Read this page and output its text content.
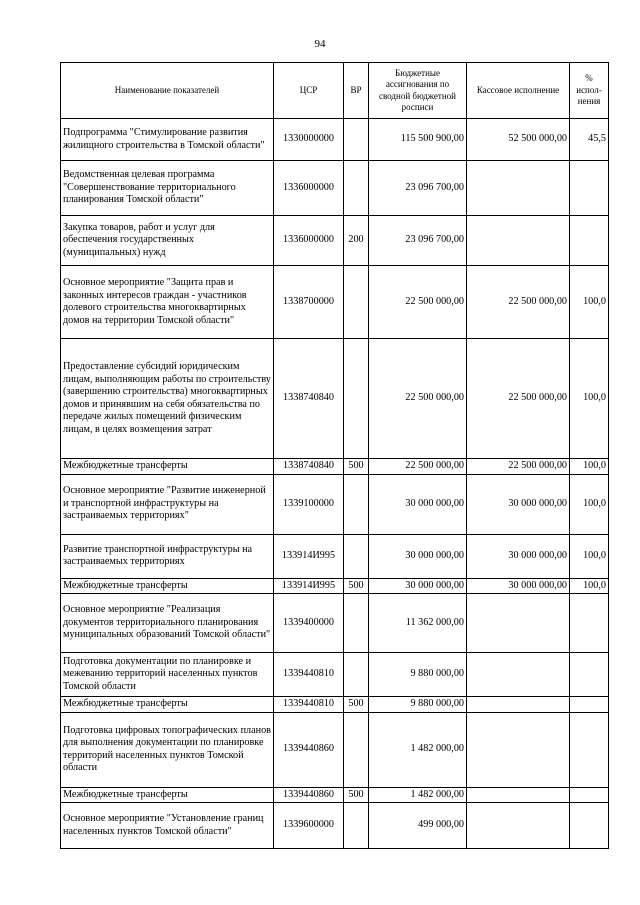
94
Наименование показателей	ЦСР	ВР	Бюджетные ассигнования по сводной бюджетной росписи	Кассовое исполнение	% испол-нения
Подпрограмма "Стимулирование развития жилищного строительства в Томской области"	1330000000		115 500 900,00	52 500 000,00	45,5
Ведомственная целевая программа "Совершенствование территориального планирования Томской области"	1336000000		23 096 700,00		
Закупка товаров, работ и услуг для обеспечения государственных (муниципальных) нужд	1336000000	200	23 096 700,00		
Основное мероприятие "Защита прав и законных интересов граждан - участников долевого строительства многоквартирных домов на территории Томской области"	1338700000		22 500 000,00	22 500 000,00	100,0
Предоставление субсидий юридическим лицам, выполняющим работы по строительству (завершению строительства) многоквартирных домов и принявшим на себя обязательства по передаче жилых помещений физическим лицам, в целях возмещения затрат	1338740840		22 500 000,00	22 500 000,00	100,0
Межбюджетные трансферты	1338740840	500	22 500 000,00	22 500 000,00	100,0
Основное мероприятие "Развитие инженерной и транспортной инфраструктуры на застраиваемых территориях"	1339100000		30 000 000,00	30 000 000,00	100,0
Развитие транспортной инфраструктуры на застраиваемых территориях	133914И995		30 000 000,00	30 000 000,00	100,0
Межбюджетные трансферты	133914И995	500	30 000 000,00	30 000 000,00	100,0
Основное мероприятие "Реализация документов территориального планирования муниципальных образований Томской области"	1339400000		11 362 000,00		
Подготовка документации по планировке и межеванию территорий населенных пунктов Томской области	1339440810		9 880 000,00		
Межбюджетные трансферты	1339440810	500	9 880 000,00		
Подготовка цифровых топографических планов для выполнения документации по планировке территорий населенных пунктов Томской области	1339440860		1 482 000,00		
Межбюджетные трансферты	1339440860	500	1 482 000,00		
Основное мероприятие "Установление границ населенных пунктов Томской области"	1339600000		499 000,00		
